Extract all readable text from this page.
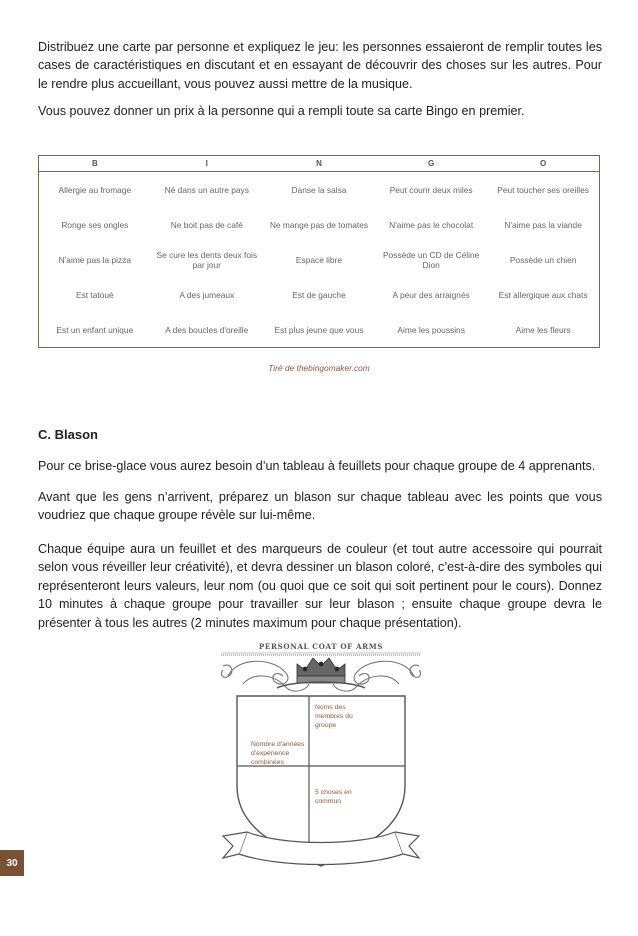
Distribuez une carte par personne et expliquez le jeu: les personnes essaieront de remplir toutes les cases de caractéristiques en discutant et en essayant de découvrir des choses sur les autres. Pour le rendre plus accueillant, vous pouvez aussi mettre de la musique.

Vous pouvez donner un prix à la personne qui a rempli toute sa carte Bingo en premier.

B	I	N	G	O
Allergie au fromage	Né dans un autre pays	Danse la salsa	Peut courir deux miles	Peut toucher ses oreilles
Ronge ses ongles	Ne boit pas de café	Ne mange pas de tomates	N'aime pas le chocolat	N'aime pas la viande
N'aime pas la pizza	Se cure les dents deux fois par jour	Espace libre	Possède un CD de Céline Dion	Possède un chien
Est tatoué	A des jumeaux	Est de gauche	A peur des arraignés	Est allergique aux chats
Est un enfant unique	A des boucles d'oreille	Est plus jeune que vous	Aime les poussins	Aime les fleurs
Tiré de thebingomaker.com
C. Blason

Pour ce brise-glace vous aurez besoin d’un tableau à feuillets pour chaque groupe de 4 apprenants.

Avant que les gens n’arrivent, préparez un blason sur chaque tableau avec les points que vous voudriez que chaque groupe révèle sur lui-même.

Chaque équipe aura un feuillet et des marqueurs de couleur (et tout autre accessoire qui pourrait selon vous réveiller leur créativité), et devra dessiner un blason coloré, c’est-à-dire des symboles qui représenteront leurs valeurs, leur nom (ou quoi que ce soit qui soit pertinent pour le cours). Donnez 10 minutes à chaque groupe pour travailler sur leur blason ; ensuite chaque groupe devra le présenter à tous les autres (2 minutes maximum pour chaque présentation).

PERSONAL COAT OF ARMS
Noms des membres du groupe
Nombre d'années d'expérience combinées
5 choses en commun
30
